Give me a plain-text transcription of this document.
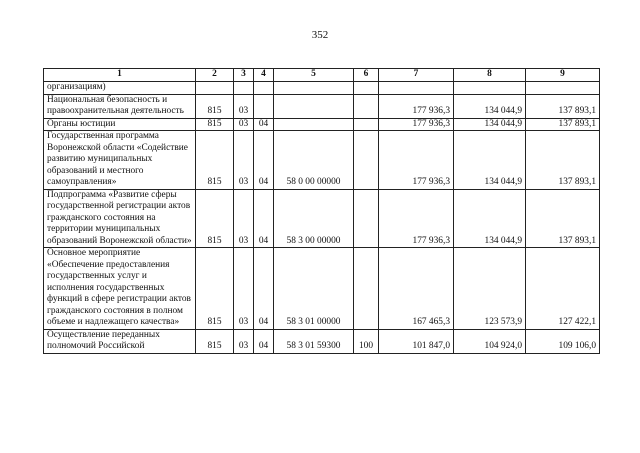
352
1	2	3	4	5	6	7	8	9
организациям)								
Национальная безопасность и правоохранительная деятельность	815	03				177 936,3	134 044,9	137 893,1
Органы юстиции	815	03	04			177 936,3	134 044,9	137 893,1
Государственная программа Воронежской области «Содействие развитию муниципальных образований и местного самоуправления»	815	03	04	58 0 00 00000		177 936,3	134 044,9	137 893,1
Подпрограмма «Развитие сферы государственной регистрации актов гражданского состояния на территории муниципальных образований Воронежской области»	815	03	04	58 3 00 00000		177 936,3	134 044,9	137 893,1
Основное мероприятие «Обеспечение предоставления государственных услуг и исполнения государственных функций в сфере регистрации актов гражданского состояния в полном объеме и надлежащего качества»	815	03	04	58 3 01 00000		167 465,3	123 573,9	127 422,1
Осуществление переданных полномочий Российской	815	03	04	58 3 01 59300	100	101 847,0	104 924,0	109 106,0
